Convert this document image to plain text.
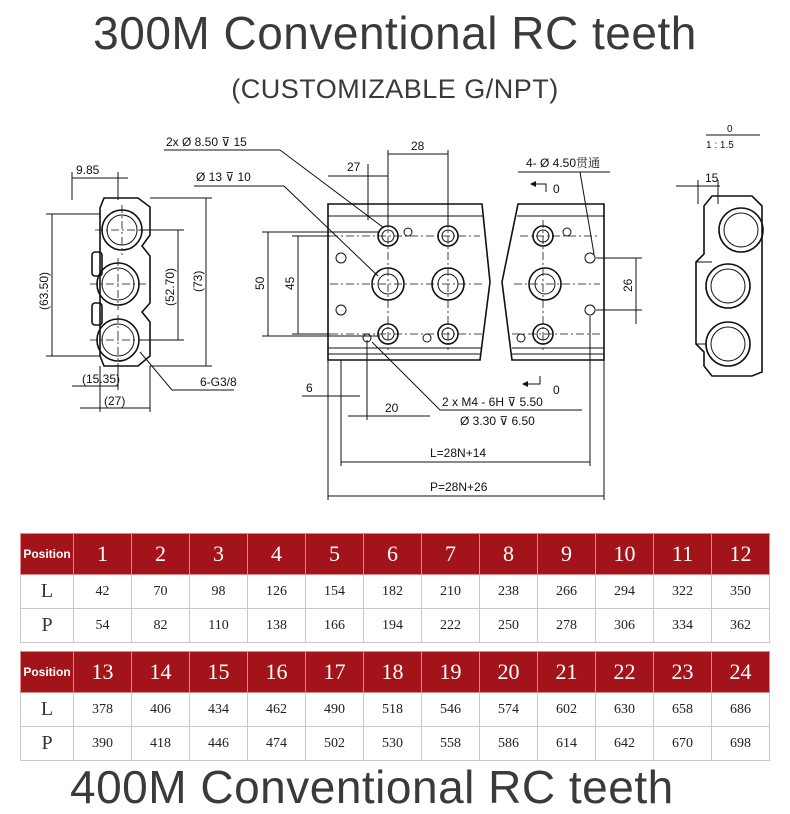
300M Conventional RC teeth
(CUSTOMIZABLE G/NPT)
9.85
(63.50)	(52.70) (73)
(15.35)
(27)
6-G3/8
2x Ø 8.50 ⊽ 15
Ø 13 ⊽ 10
27
28
4- Ø 4.50贯通
0
50 45	26
6
20	2 x M4 - 6H ⊽ 5.50
Ø 3.30 ⊽ 6.50
0
L=28N+14
P=28N+26
0
1 : 1.5
15
Position	1	2	3	4	5	6	7	8	9	10	11	12
L	42	70	98	126	154	182	210	238	266	294	322	350
P	54	82	110	138	166	194	222	250	278	306	334	362
Position	13	14	15	16	17	18	19	20	21	22	23	24
L	378	406	434	462	490	518	546	574	602	630	658	686
P	390	418	446	474	502	530	558	586	614	642	670	698
400M Conventional RC teeth
